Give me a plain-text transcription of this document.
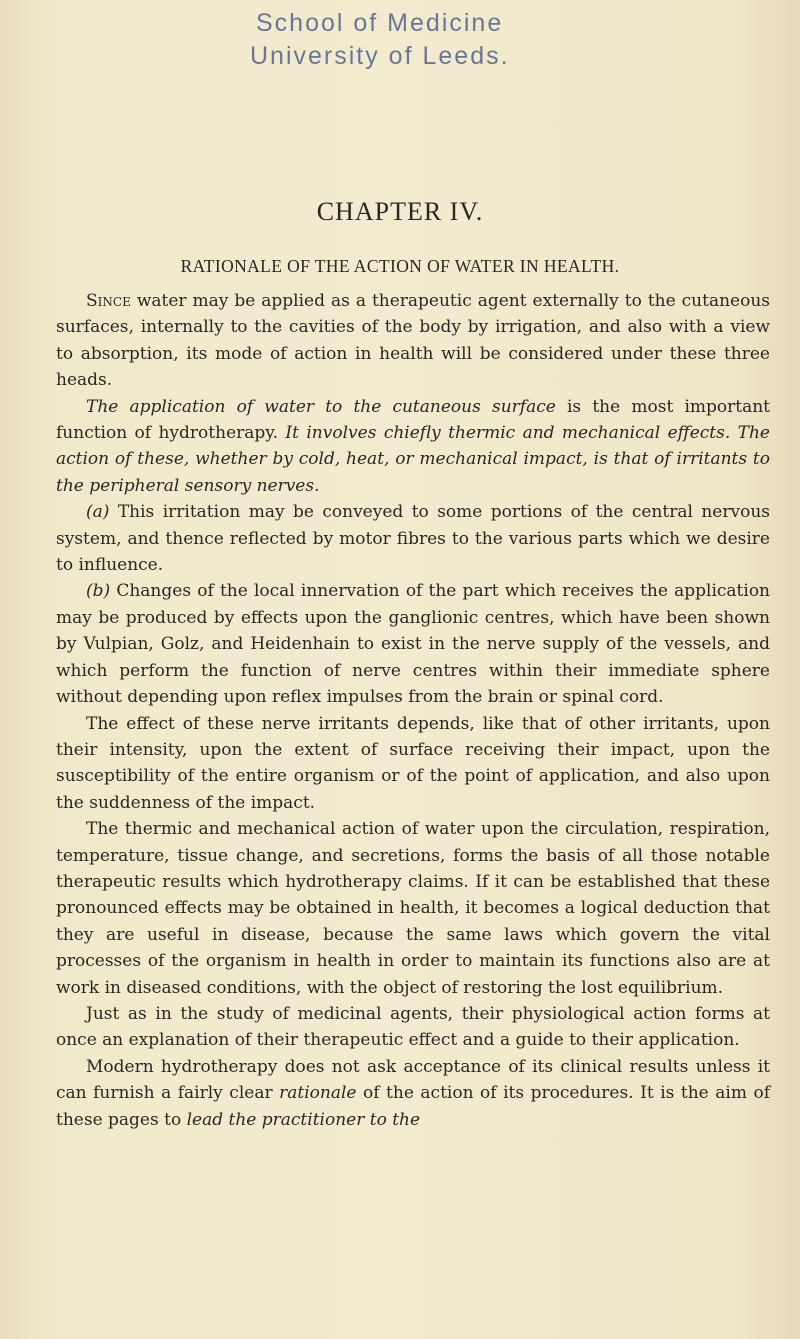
School of Medicine
University of Leeds.
CHAPTER IV.
RATIONALE OF THE ACTION OF WATER IN HEALTH.

Since water may be applied as a therapeutic agent externally to the cutaneous surfaces, internally to the cavities of the body by irrigation, and also with a view to absorption, its mode of action in health will be considered under these three heads.

The application of water to the cutaneous surface is the most important function of hydrotherapy. It involves chiefly thermic and mechanical effects. The action of these, whether by cold, heat, or mechanical impact, is that of irritants to the peripheral sensory nerves.

(a) This irritation may be conveyed to some portions of the central nervous system, and thence reflected by motor fibres to the various parts which we desire to influence.

(b) Changes of the local innervation of the part which receives the application may be produced by effects upon the ganglionic centres, which have been shown by Vulpian, Golz, and Heidenhain to exist in the nerve supply of the vessels, and which perform the function of nerve centres within their immediate sphere without depending upon reflex impulses from the brain or spinal cord.

The effect of these nerve irritants depends, like that of other irritants, upon their intensity, upon the extent of surface receiving their impact, upon the susceptibility of the entire organism or of the point of application, and also upon the suddenness of the impact.

The thermic and mechanical action of water upon the circulation, respiration, temperature, tissue change, and secretions, forms the basis of all those notable therapeutic results which hydrotherapy claims. If it can be established that these pronounced effects may be obtained in health, it becomes a logical deduction that they are useful in disease, because the same laws which govern the vital processes of the organism in health in order to maintain its functions also are at work in diseased conditions, with the object of restoring the lost equilibrium.

Just as in the study of medicinal agents, their physiological action forms at once an explanation of their therapeutic effect and a guide to their application.

Modern hydrotherapy does not ask acceptance of its clinical results unless it can furnish a fairly clear rationale of the action of its procedures. It is the aim of these pages to lead the practitioner to the
